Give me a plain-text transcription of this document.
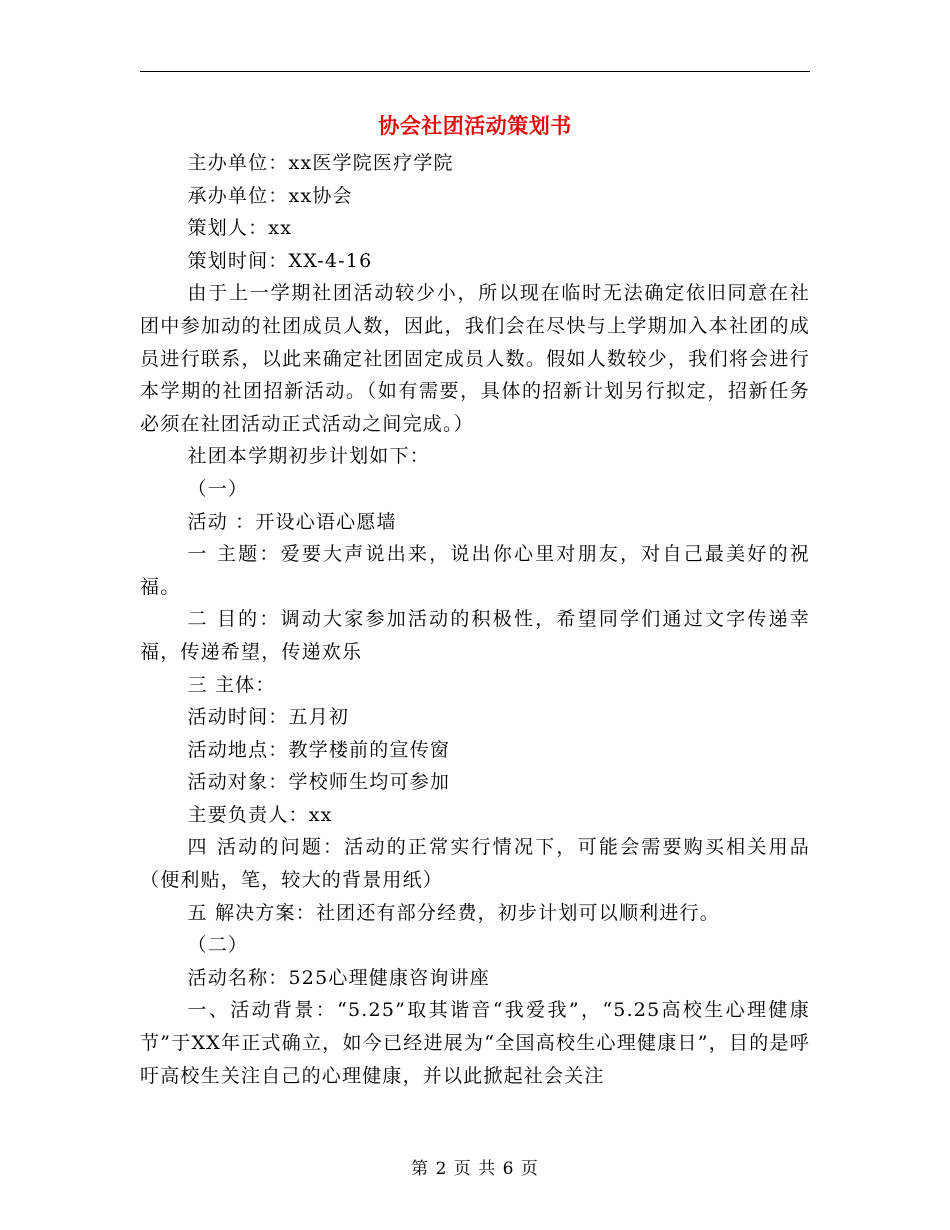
协会社团活动策划书

主办单位：xx医学院医疗学院

承办单位：xx协会

策划人：xx

策划时间：XX-4-16

由于上一学期社团活动较少小，所以现在临时无法确定依旧同意在社团中参加动的社团成员人数，因此，我们会在尽快与上学期加入本社团的成员进行联系，以此来确定社团固定成员人数。假如人数较少，我们将会进行本学期的社团招新活动。（如有需要，具体的招新计划另行拟定，招新任务必须在社团活动正式活动之间完成。）

社团本学期初步计划如下：

（一）

活动 ：开设心语心愿墙

一 主题：爱要大声说出来，说出你心里对朋友，对自己最美好的祝福。

二 目的：调动大家参加活动的积极性，希望同学们通过文字传递幸福，传递希望，传递欢乐

三 主体：

活动时间：五月初

活动地点：教学楼前的宣传窗

活动对象：学校师生均可参加

主要负责人：xx

四 活动的问题：活动的正常实行情况下，可能会需要购买相关用品（便利贴，笔，较大的背景用纸）

五 解决方案：社团还有部分经费，初步计划可以顺利进行。

（二）

活动名称：525心理健康咨询讲座

一、活动背景：“5.25”取其谐音“我爱我”，“5.25高校生心理健康节”于XX年正式确立，如今已经进展为“全国高校生心理健康日”，目的是呼吁高校生关注自己的心理健康，并以此掀起社会关注

第 2 页 共 6 页
